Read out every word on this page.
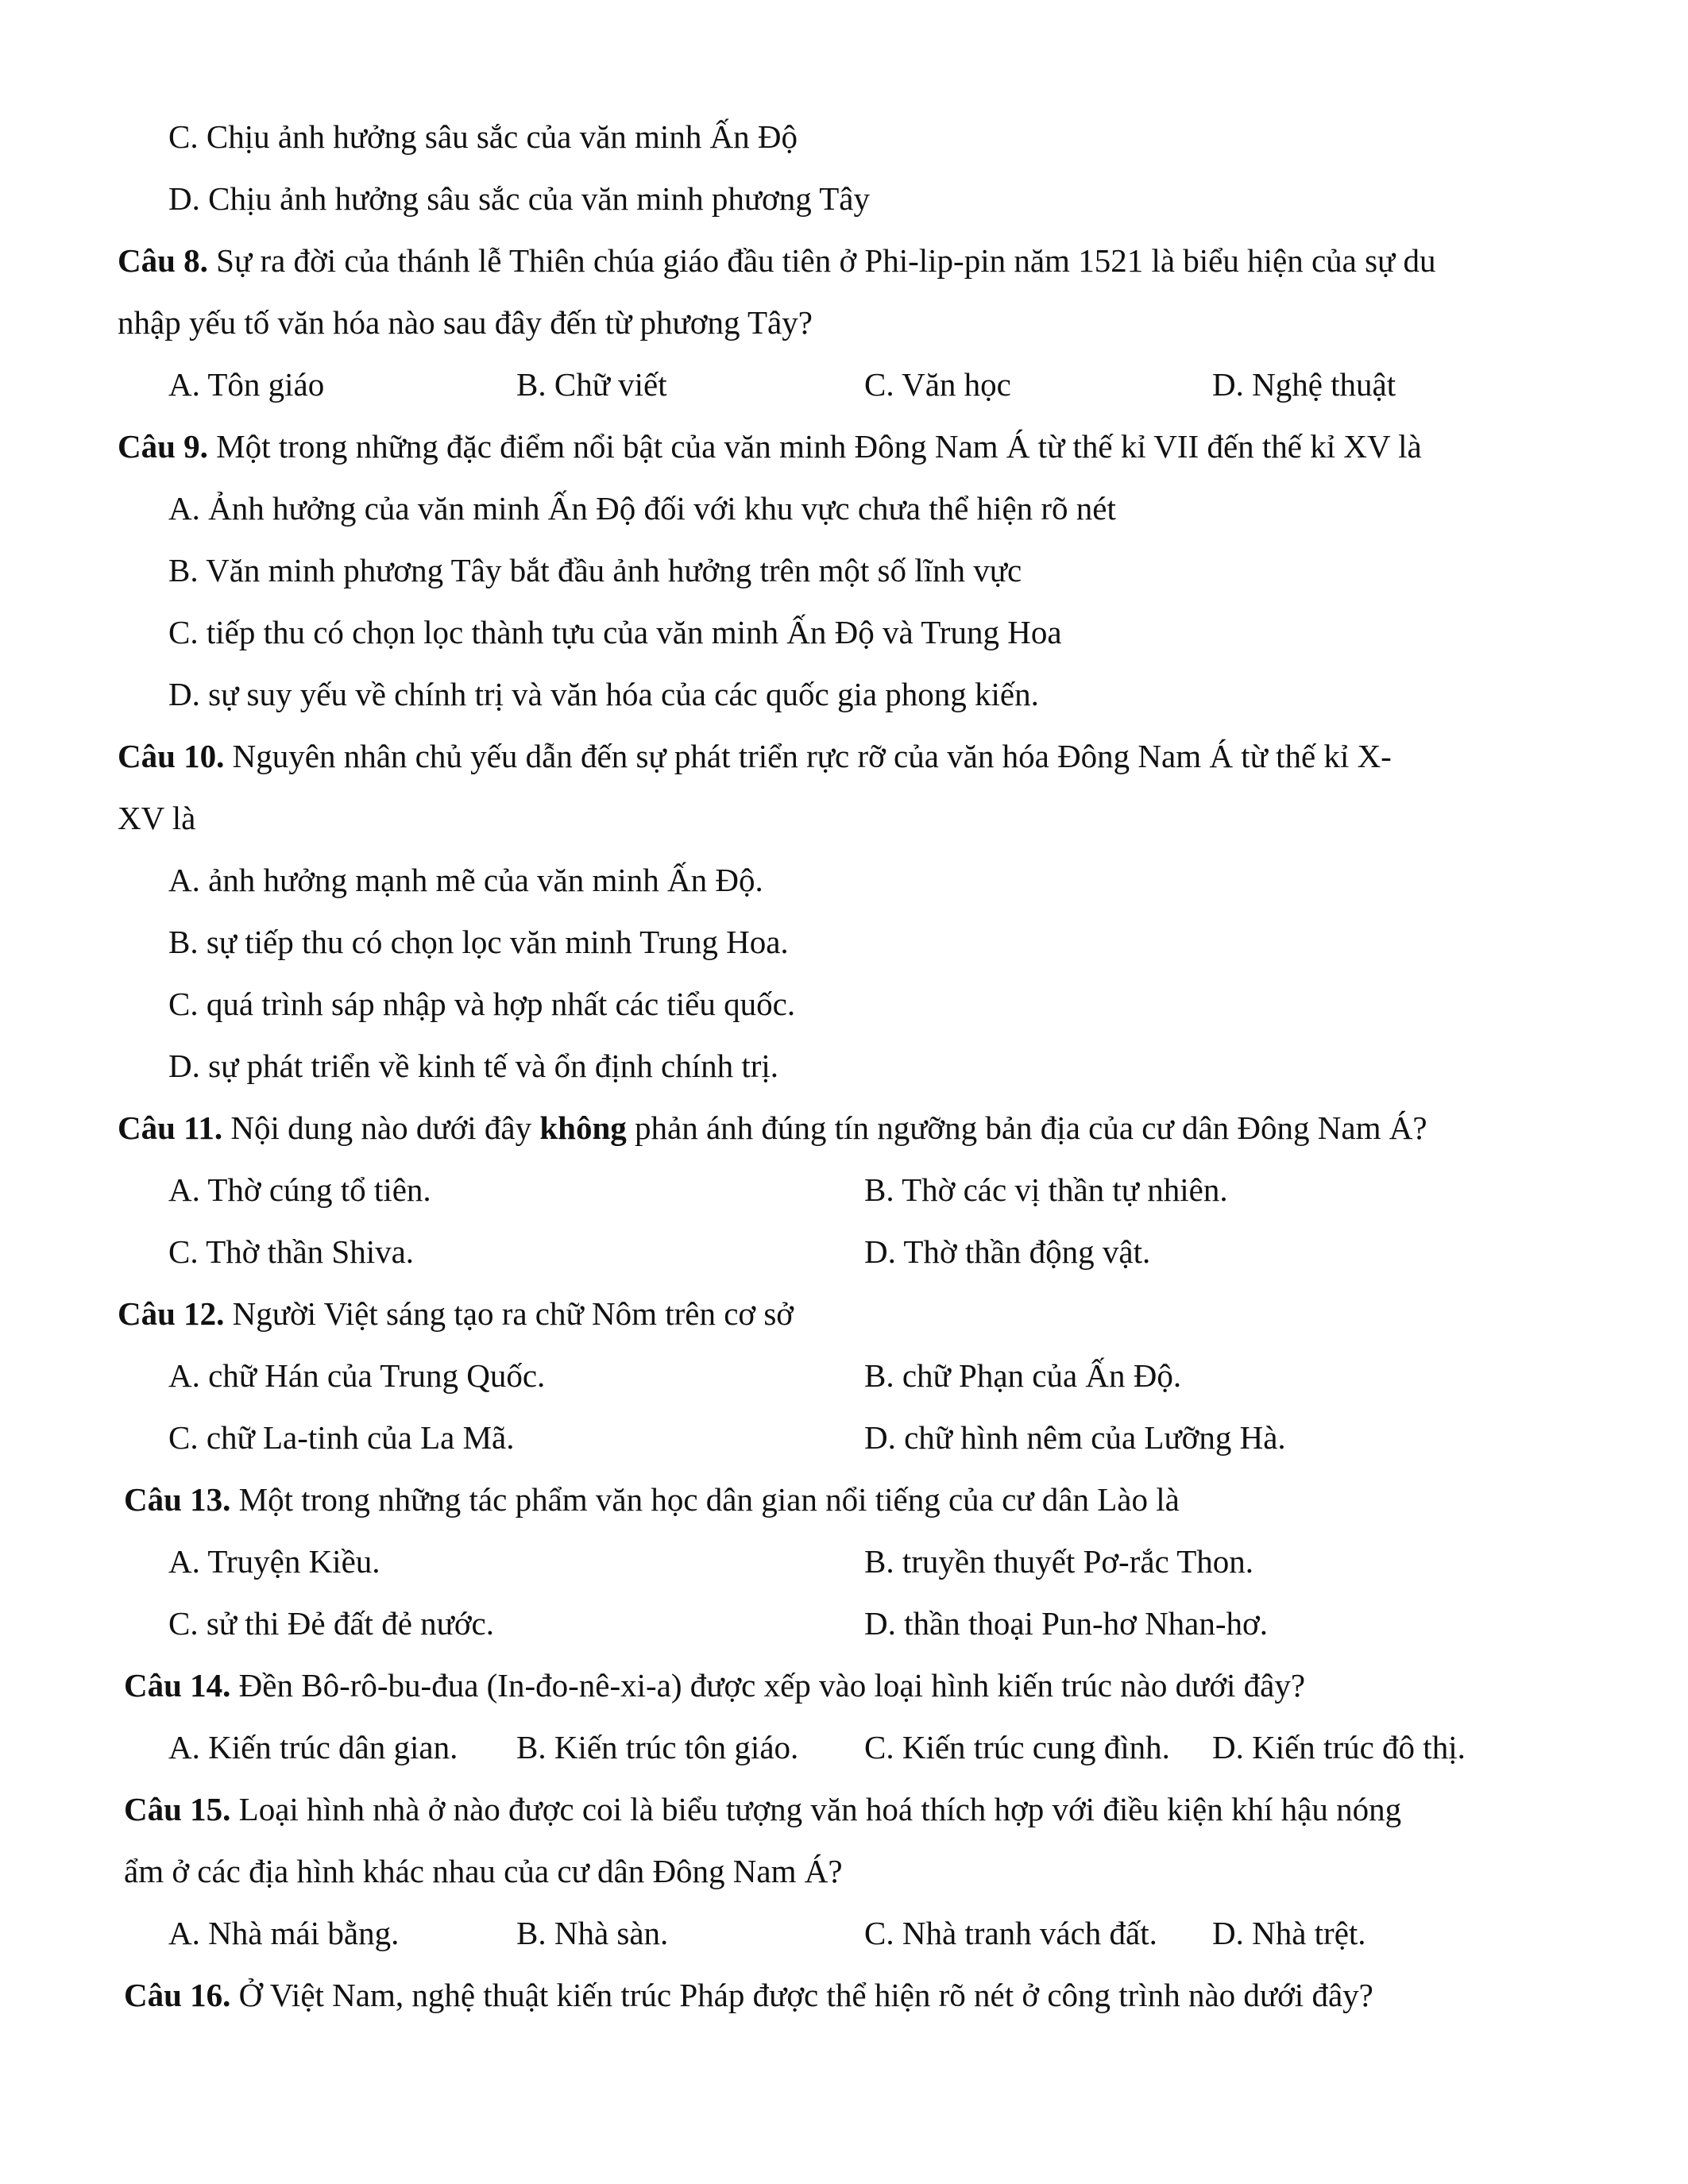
C. Chịu ảnh hưởng sâu sắc của văn minh Ấn Độ
D. Chịu ảnh hưởng sâu sắc của văn minh phương Tây
Câu 8. Sự ra đời của thánh lễ Thiên chúa giáo đầu tiên ở Phi-lip-pin năm 1521 là biểu hiện của sự du
nhập yếu tố văn hóa nào sau đây đến từ phương Tây?
A. Tôn giáo	B. Chữ viết	C. Văn học	D. Nghệ thuật
Câu 9. Một trong những đặc điểm nổi bật của văn minh Đông Nam Á từ thế kỉ VII đến thế kỉ XV là
A. Ảnh hưởng của văn minh Ấn Độ đối với khu vực chưa thể hiện rõ nét
B. Văn minh phương Tây bắt đầu ảnh hưởng trên một số lĩnh vực
C. tiếp thu có chọn lọc thành tựu của văn minh Ấn Độ và Trung Hoa
D. sự suy yếu về chính trị và văn hóa của các quốc gia phong kiến.
Câu 10. Nguyên nhân chủ yếu dẫn đến sự phát triển rực rỡ của văn hóa Đông Nam Á từ thế kỉ X-
XV là
A. ảnh hưởng mạnh mẽ của văn minh Ấn Độ.
B. sự tiếp thu có chọn lọc văn minh Trung Hoa.
C. quá trình sáp nhập và hợp nhất các tiểu quốc.
D. sự phát triển về kinh tế và ổn định chính trị.
Câu 11. Nội dung nào dưới đây không phản ánh đúng tín ngưỡng bản địa của cư dân Đông Nam Á?
A. Thờ cúng tổ tiên.	B. Thờ các vị thần tự nhiên.
C. Thờ thần Shiva.	D. Thờ thần động vật.
Câu 12. Người Việt sáng tạo ra chữ Nôm trên cơ sở
A. chữ Hán của Trung Quốc.	B. chữ Phạn của Ấn Độ.
C. chữ La-tinh của La Mã.	D. chữ hình nêm của Lưỡng Hà.
Câu 13. Một trong những tác phẩm văn học dân gian nổi tiếng của cư dân Lào là
A. Truyện Kiều.	B. truyền thuyết Pơ-rắc Thon.
C. sử thi Đẻ đất đẻ nước.	D. thần thoại Pun-hơ Nhan-hơ.
Câu 14. Đền Bô-rô-bu-đua (In-đo-nê-xi-a) được xếp vào loại hình kiến trúc nào dưới đây?
A. Kiến trúc dân gian. B. Kiến trúc tôn giáo. C. Kiến trúc cung đình. D. Kiến trúc đô thị.
Câu 15. Loại hình nhà ở nào được coi là biểu tượng văn hoá thích hợp với điều kiện khí hậu nóng
ẩm ở các địa hình khác nhau của cư dân Đông Nam Á?
A. Nhà mái bằng.	B. Nhà sàn.	C. Nhà tranh vách đất. D. Nhà trệt.
Câu 16. Ở Việt Nam, nghệ thuật kiến trúc Pháp được thể hiện rõ nét ở công trình nào dưới đây?
